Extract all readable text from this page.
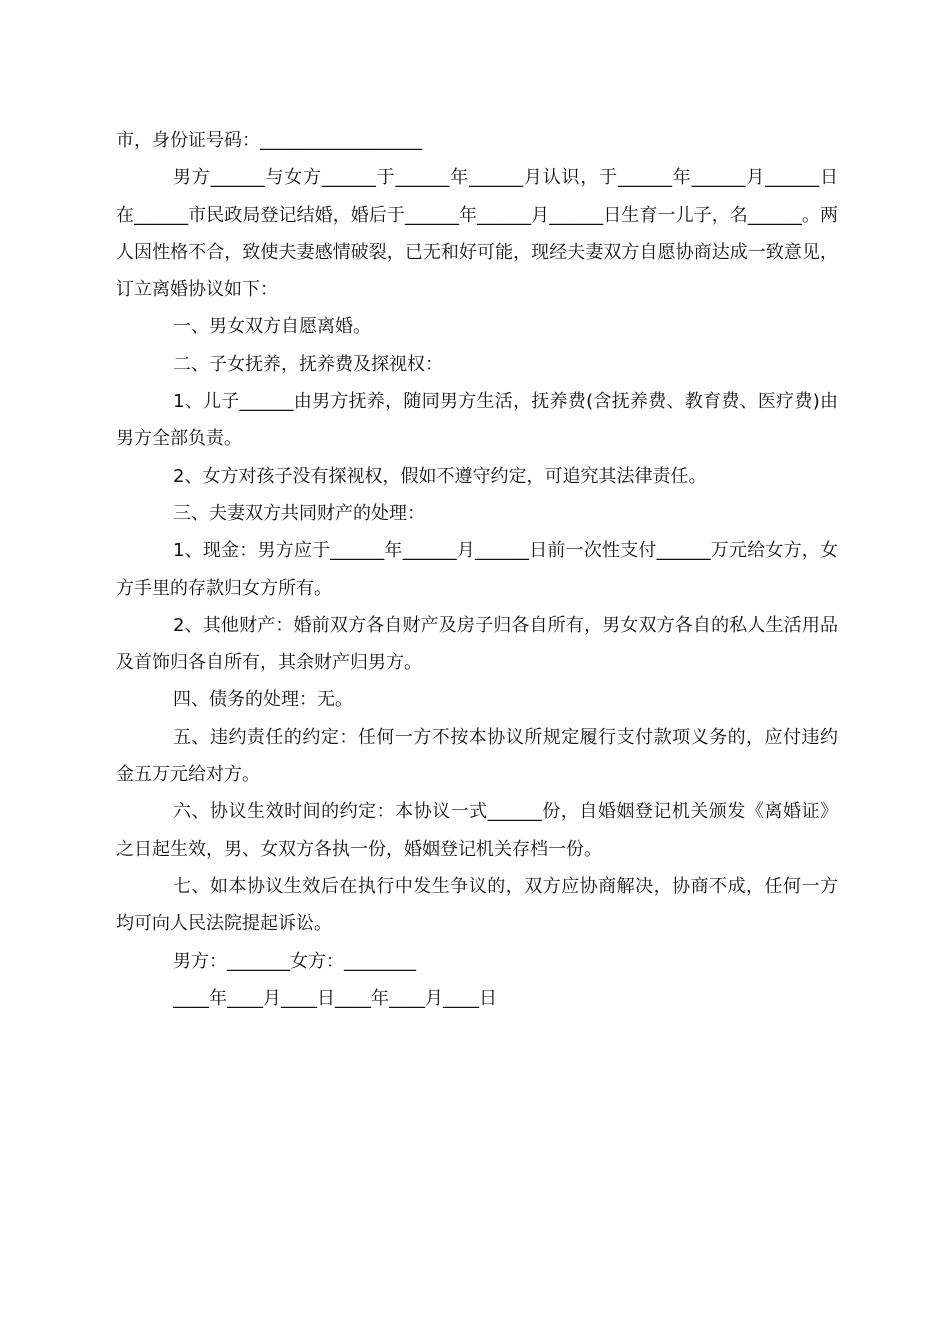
市，身份证号码：__________________

男方______与女方______于______年______月认识，于______年______月______日在______市民政局登记结婚，婚后于______年______月______日生育一儿子，名______。两人因性格不合，致使夫妻感情破裂，已无和好可能，现经夫妻双方自愿协商达成一致意见，订立离婚协议如下：

一、男女双方自愿离婚。

二、子女抚养，抚养费及探视权：

1、儿子______由男方抚养，随同男方生活，抚养费(含抚养费、教育费、医疗费)由男方全部负责。

2、女方对孩子没有探视权，假如不遵守约定，可追究其法律责任。

三、夫妻双方共同财产的处理：

1、现金：男方应于______年______月______日前一次性支付______万元给女方，女方手里的存款归女方所有。

2、其他财产：婚前双方各自财产及房子归各自所有，男女双方各自的私人生活用品及首饰归各自所有，其余财产归男方。

四、债务的处理：无。

五、违约责任的约定：任何一方不按本协议所规定履行支付款项义务的，应付违约金五万元给对方。

六、协议生效时间的约定：本协议一式______份，自婚姻登记机关颁发《离婚证》之日起生效，男、女双方各执一份，婚姻登记机关存档一份。

七、如本协议生效后在执行中发生争议的，双方应协商解决，协商不成，任何一方均可向人民法院提起诉讼。

男方：_______女方：________

____年____月____日____年____月____日
